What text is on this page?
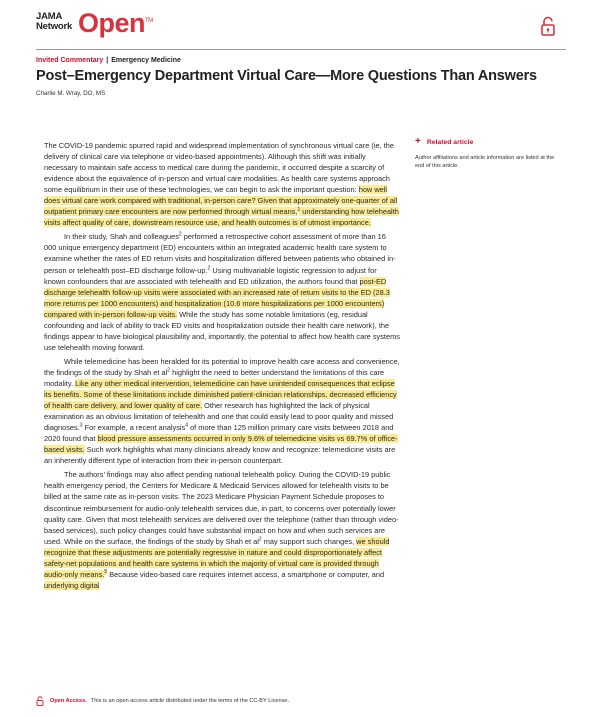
JAMA
Network Open™
Invited Commentary | Emergency Medicine
Post–Emergency Department Virtual Care—More Questions Than Answers
Charlie M. Wray, DO, MS

The COVID-19 pandemic spurred rapid and widespread implementation of synchronous virtual care (ie, the delivery of clinical care via telephone or video-based appointments). Although this shift was initially necessary to maintain safe access to medical care during the pandemic, it occurred despite a scarcity of evidence about the equivalence of in-person and virtual care modalities. As health care systems approach some equilibrium in their use of these technologies, we can begin to ask the important question: how well does virtual care work compared with traditional, in-person care? Given that approximately one-quarter of all outpatient primary care encounters are now performed through virtual means,$^1$ understanding how telehealth visits affect quality of care, downstream resource use, and health outcomes is of utmost importance.

In their study, Shah and colleagues$^2$ performed a retrospective cohort assessment of more than 16 000 unique emergency department (ED) encounters within an integrated academic health care system to examine whether the rates of ED return visits and hospitalization differed between patients who obtained in-person or telehealth post–ED discharge follow-up.$^2$ Using multivariable logistic regression to adjust for known confounders that are associated with telehealth and ED utilization, the authors found that post-ED discharge telehealth follow-up visits were associated with an increased rate of return visits to the ED (28.3 more returns per 1000 encounters) and hospitalization (10.6 more hospitalizations per 1000 encounters) compared with in-person follow-up visits. While the study has some notable limitations (eg, residual confounding and lack of ability to track ED visits and hospitalization outside their health care network), the findings appear to have biological plausibility and, importantly, the potential to affect how health care systems use telehealth moving forward.

While telemedicine has been heralded for its potential to improve health care access and convenience, the findings of the study by Shah et al$^2$ highlight the need to better understand the limitations of this care modality. Like any other medical intervention, telemedicine can have unintended consequences that eclipse its benefits. Some of these limitations include diminished patient-clinician relationships, decreased efficiency of health care delivery, and lower quality of care. Other research has highlighted the lack of physical examination as an obvious limitation of telehealth and one that could easily lead to poor quality and missed diagnoses.$^3$ For example, a recent analysis$^4$ of more than 125 million primary care visits between 2018 and 2020 found that blood pressure assessments occurred in only 9.6% of telemedicine visits vs 69.7% of office-based visits. Such work highlights what many clinicians already know and recognize: telemedicine visits are an inherently different type of interaction from their in-person counterpart.

The authors’ findings may also affect pending national telehealth policy. During the COVID-19 public health emergency period, the Centers for Medicare & Medicaid Services allowed for telehealth visits to be billed at the same rate as in-person visits. The 2023 Medicare Physician Payment Schedule proposes to discontinue reimbursement for audio-only telehealth services due, in part, to concerns over potentially lower quality care. Given that most telehealth services are delivered over the telephone (rather than through video-based services), such policy changes could have substantial impact on how and when such services are used. While on the surface, the findings of the study by Shah et al$^2$ may support such changes, we should recognize that these adjustments are potentially regressive in nature and could disproportionately affect safety-net populations and health care systems in which the majority of virtual care is provided through audio-only means.$^5$ Because video-based care requires internet access, a smartphone or computer, and underlying digital

+ Related article
Author affiliations and article information are listed at the end of this article.
Open Access. This is an open access article distributed under the terms of the CC-BY License.
